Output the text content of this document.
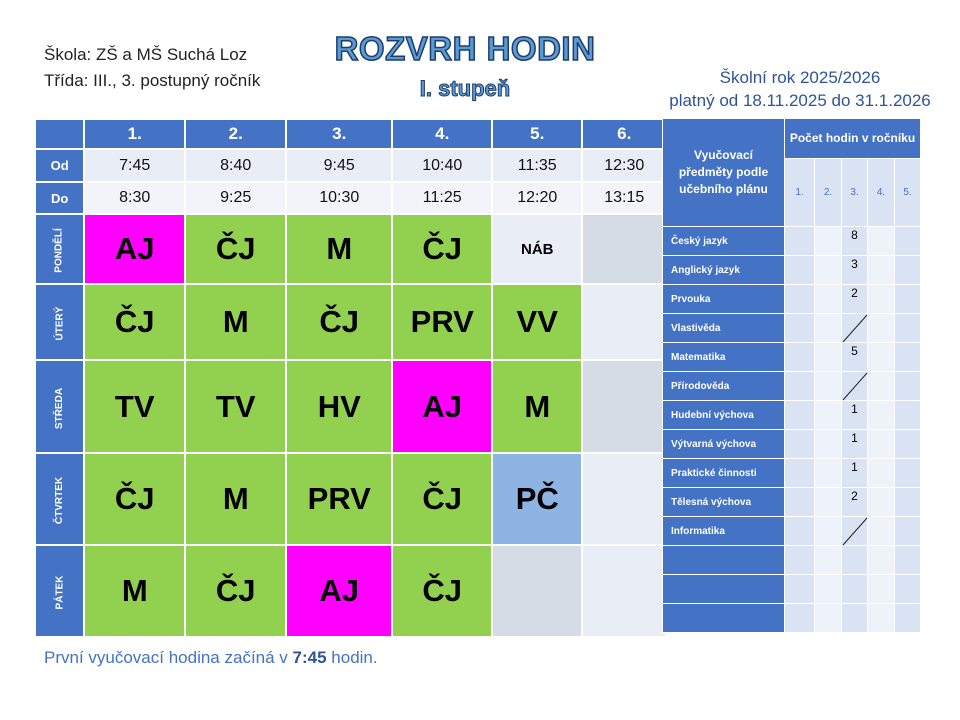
Škola: ZŠ a MŠ Suchá Loz
Třída: III., 3. postupný ročník
ROZVRH HODIN
I. stupeň	Školní rok 2025/2026
platný od 18.11.2025 do 31.1.2026
	1.	2.	3.	4.	5.	6.
Od	7:45	8:40	9:45	10:40	11:35	12:30
Do	8:30	9:25	10:30	11:25	12:20	13:15
PONDĚLÍ	AJ	ČJ	M	ČJ	NÁB	
ÚTERÝ	ČJ	M	ČJ	PRV	VV	
STŘEDA	TV	TV	HV	AJ	M	
ČTVRTEK	ČJ	M	PRV	ČJ	PČ	
PÁTEK	M	ČJ	AJ	ČJ		
Vyučovací předměty podle učebního plánu	Počet hodin v ročníku				
	1.	2.	3.	4.	5.
Český jazyk			8		
Anglický jazyk			3		
Prvouka			2		
Vlastivěda			

Matematika			5		
Přírodověda			

Hudební výchova			1		
Výtvarná výchova			1		
Praktické činnosti			1		
Tělesná výchova			2		
Informatika			

První vyučovací hodina začíná v 7:45 hodin.
